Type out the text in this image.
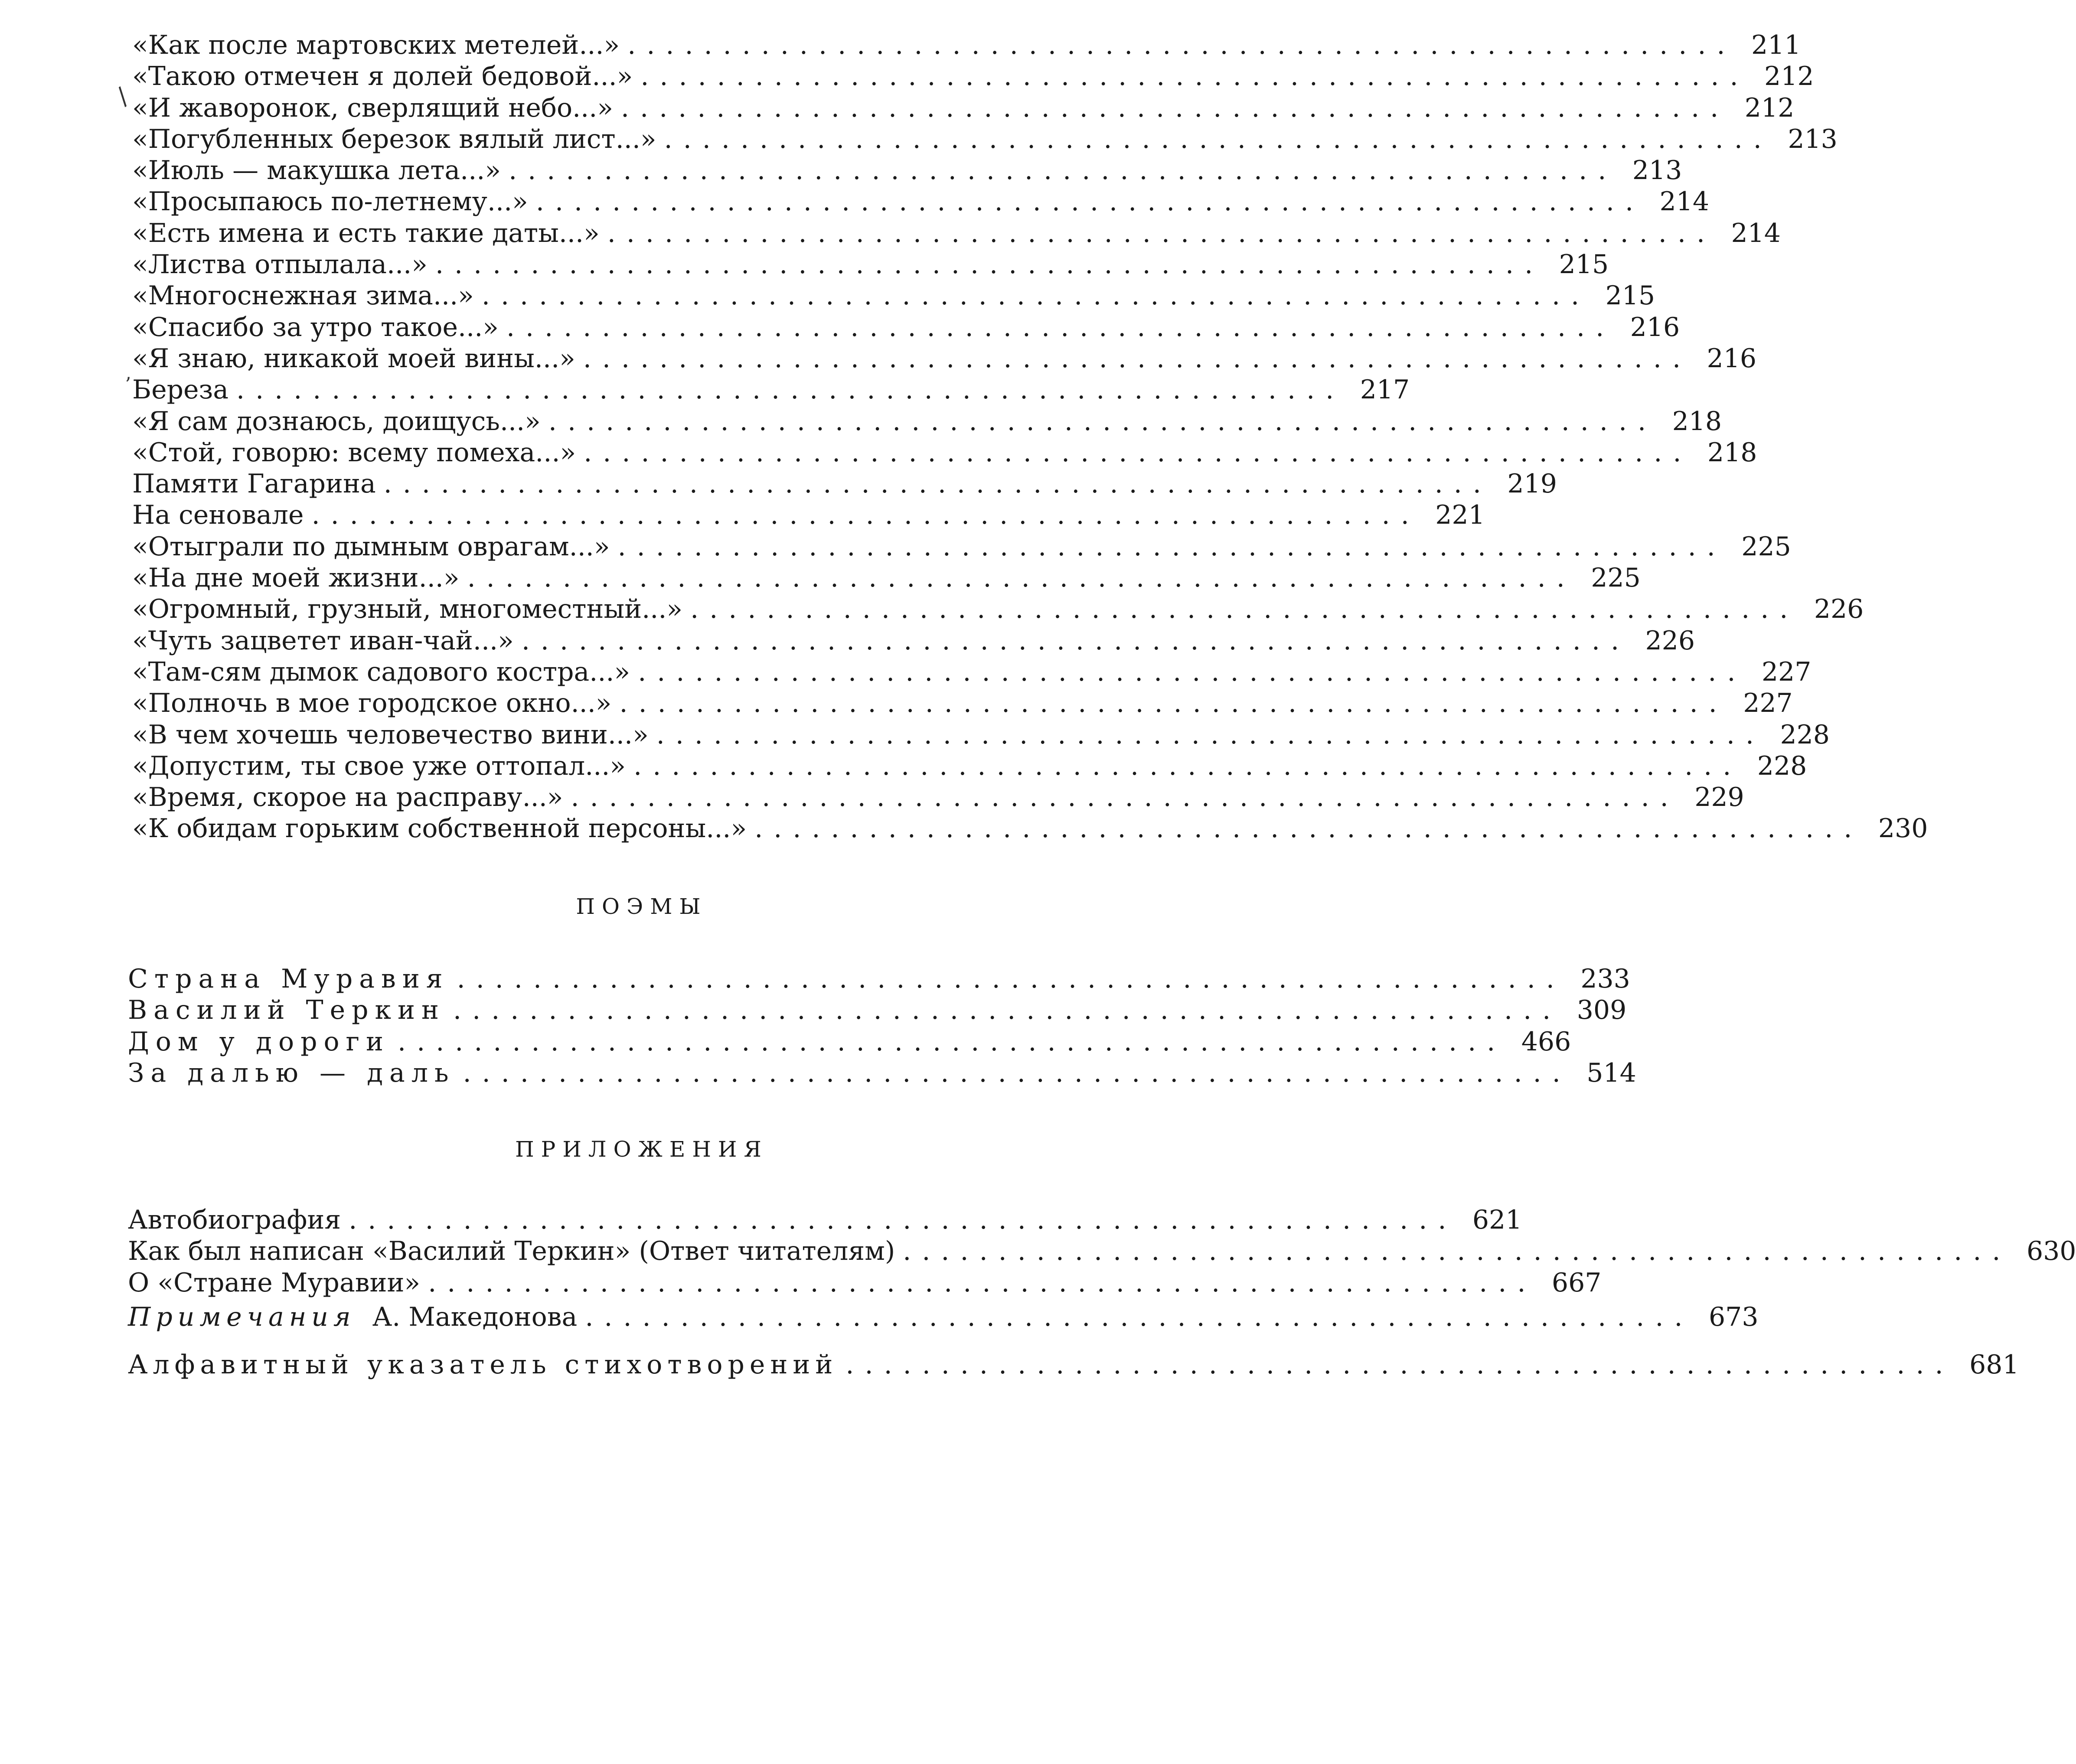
«Как после мартовских метелей...» .......................................................... 211
«Такою отмечен я долей бедовой...» .......................................................... 212
«И жаворонок, сверлящий небо...» .......................................................... 212
«Погубленных березок вялый лист...» .......................................................... 213
«Июль — макушка лета...» .......................................................... 213
«Просыпаюсь по-летнему...» .......................................................... 214
«Есть имена и есть такие даты...» .......................................................... 214
«Листва отпылала...» .......................................................... 215
«Многоснежная зима...» .......................................................... 215
«Спасибо за утро такое...» .......................................................... 216
«Я знаю, никакой моей вины...» .......................................................... 216
Береза .......................................................... 217
«Я сам дознаюсь, доищусь...» .......................................................... 218
«Стой, говорю: всему помеха...» .......................................................... 218
Памяти Гагарина .......................................................... 219
На сеновале .......................................................... 221
«Отыграли по дымным оврагам...» .......................................................... 225
«На дне моей жизни...» .......................................................... 225
«Огромный, грузный, многоместный...» .......................................................... 226
«Чуть зацветет иван-чай...» .......................................................... 226
«Там-сям дымок садового костра...» .......................................................... 227
«Полночь в мое городское окно...» .......................................................... 227
«В чем хочешь человечество вини...» .......................................................... 228
«Допустим, ты свое уже оттопал...» .......................................................... 228
«Время, скорое на расправу...» .......................................................... 229
«К обидам горьким собственной персоны...» .......................................................... 230
/
ʼ
ПОЭМЫ
Страна Муравия .......................................................... 233
Василий Теркин .......................................................... 309
Дом у дороги .......................................................... 466
За далью — даль .......................................................... 514
ПРИЛОЖЕНИЯ
Автобиография .......................................................... 621
Как был написан «Василий Теркин» (Ответ читателям) .......................................................... 630
О «Стране Муравии» .......................................................... 667
Примечания А. Македонова .......................................................... 673
Алфавитный указатель стихотворений .......................................................... 681
